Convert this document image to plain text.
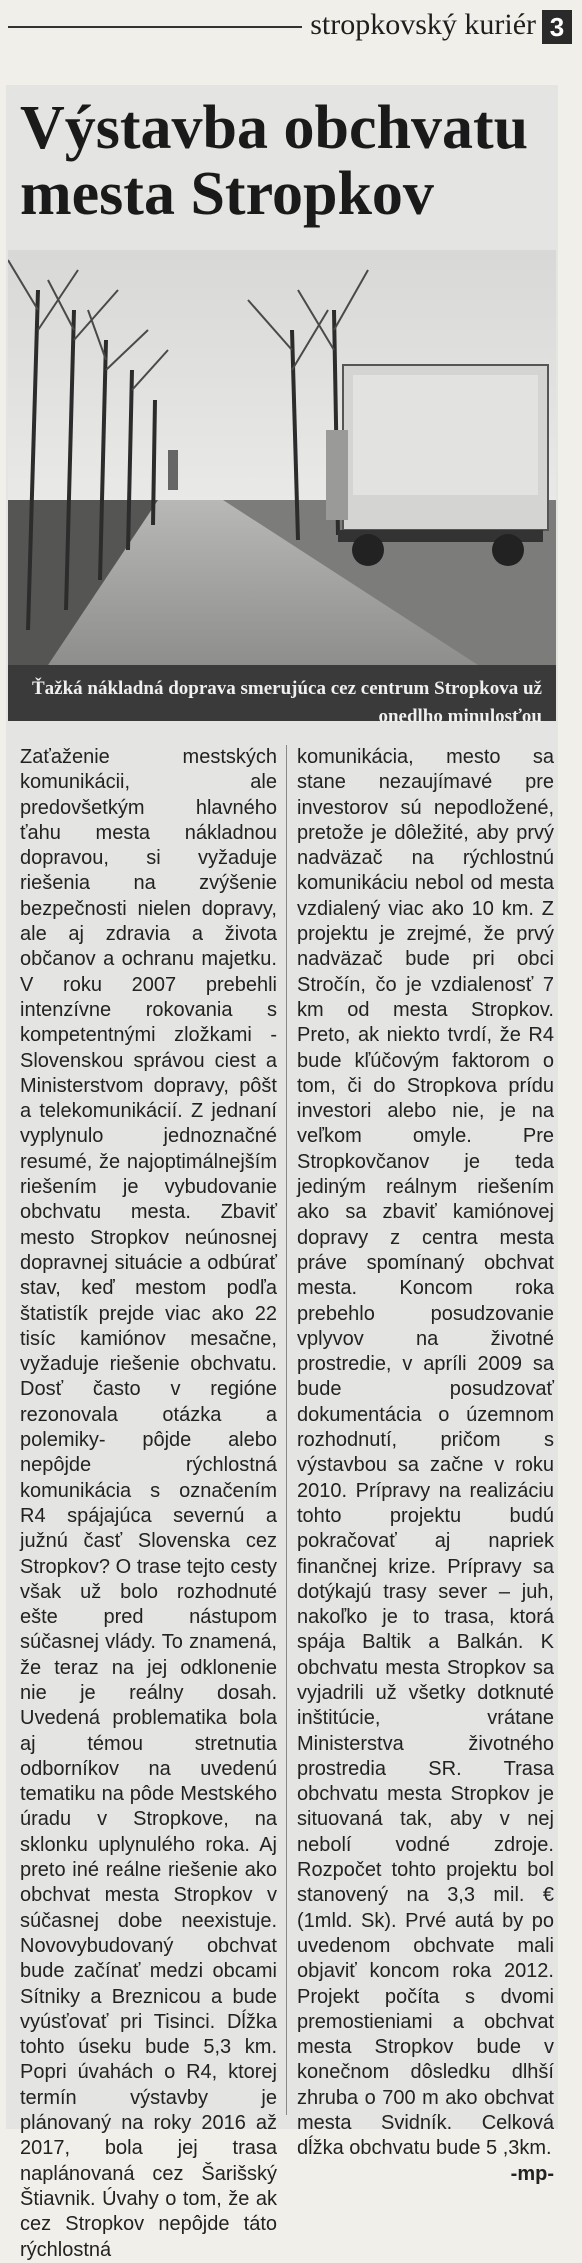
stropkovský kuriér 3
Výstavba obchvatu mesta Stropkov
Ťažká nákladná doprava smerujúca cez centrum Stropkova už onedlho minulosťou

Zaťaženie mestských komunikácii, ale predovšetkým hlavného ťahu mesta nákladnou dopravou, si vyžaduje riešenia na zvýšenie bezpečnosti nielen dopravy, ale aj zdravia a života občanov a ochranu majetku. V roku 2007 prebehli intenzívne rokovania s kompetentnými zložkami - Slovenskou správou ciest a Ministerstvom dopravy, pôšt a telekomunikácií. Z jednaní vyplynulo jednoznačné resumé, že najoptimálnejším riešením je vybudovanie obchvatu mesta. Zbaviť mesto Stropkov neúnosnej dopravnej situácie a odbúrať stav, keď mestom podľa štatistík prejde viac ako 22 tisíc kamiónov mesačne, vyžaduje riešenie obchvatu. Dosť často v regióne rezonovala otázka a polemiky- pôjde alebo nepôjde rýchlostná komunikácia s označením R4 spájajúca severnú a južnú časť Slovenska cez Stropkov? O trase tejto cesty však už bolo rozhodnuté ešte pred nástupom súčasnej vlády. To znamená, že teraz na jej odklonenie nie je reálny dosah. Uvedená problematika bola aj témou stretnutia odborníkov na uvedenú tematiku na pôde Mestského úradu v Stropkove, na sklonku uplynulého roka. Aj preto iné reálne riešenie ako obchvat mesta Stropkov v súčasnej dobe neexistuje. Novovybudovaný obchvat bude začínať medzi obcami Sítniky a Breznicou a bude vyúsťovať pri Tisinci. Dĺžka tohto úseku bude 5,3 km. Popri úvahách o R4, ktorej termín výstavby je plánovaný na roky 2016 až 2017, bola jej trasa naplánovaná cez Šarišský Štiavnik. Úvahy o tom, že ak cez Stropkov nepôjde táto rýchlostná

komunikácia, mesto sa stane nezaujímavé pre investorov sú nepodložené, pretože je dôležité, aby prvý nadväzač na rýchlostnú komunikáciu nebol od mesta vzdialený viac ako 10 km. Z projektu je zrejmé, že prvý nadväzač bude pri obci Stročín, čo je vzdialenosť 7 km od mesta Stropkov. Preto, ak niekto tvrdí, že R4 bude kľúčovým faktorom o tom, či do Stropkova prídu investori alebo nie, je na veľkom omyle. Pre Stropkovčanov je teda jediným reálnym riešením ako sa zbaviť kamiónovej dopravy z centra mesta práve spomínaný obchvat mesta. Koncom roka prebehlo posudzovanie vplyvov na životné prostredie, v apríli 2009 sa bude posudzovať dokumentácia o územnom rozhodnutí, pričom s výstavbou sa začne v roku 2010. Prípravy na realizáciu tohto projektu budú pokračovať aj napriek finančnej krize. Prípravy sa dotýkajú trasy sever – juh, nakoľko je to trasa, ktorá spája Baltik a Balkán. K obchvatu mesta Stropkov sa vyjadrili už všetky dotknuté inštitúcie, vrátane Ministerstva životného prostredia SR. Trasa obchvatu mesta Stropkov je situovaná tak, aby v nej nebolí vodné zdroje. Rozpočet tohto projektu bol stanovený na 3,3 mil. € (1mld. Sk). Prvé autá by po uvedenom obchvate mali objaviť koncom roka 2012. Projekt počíta s dvomi premostieniami a obchvat mesta Stropkov bude v konečnom dôsledku dlhší zhruba o 700 m ako obchvat mesta Svidník. Celková dĺžka obchvatu bude 5 ,3km.
-mp-
